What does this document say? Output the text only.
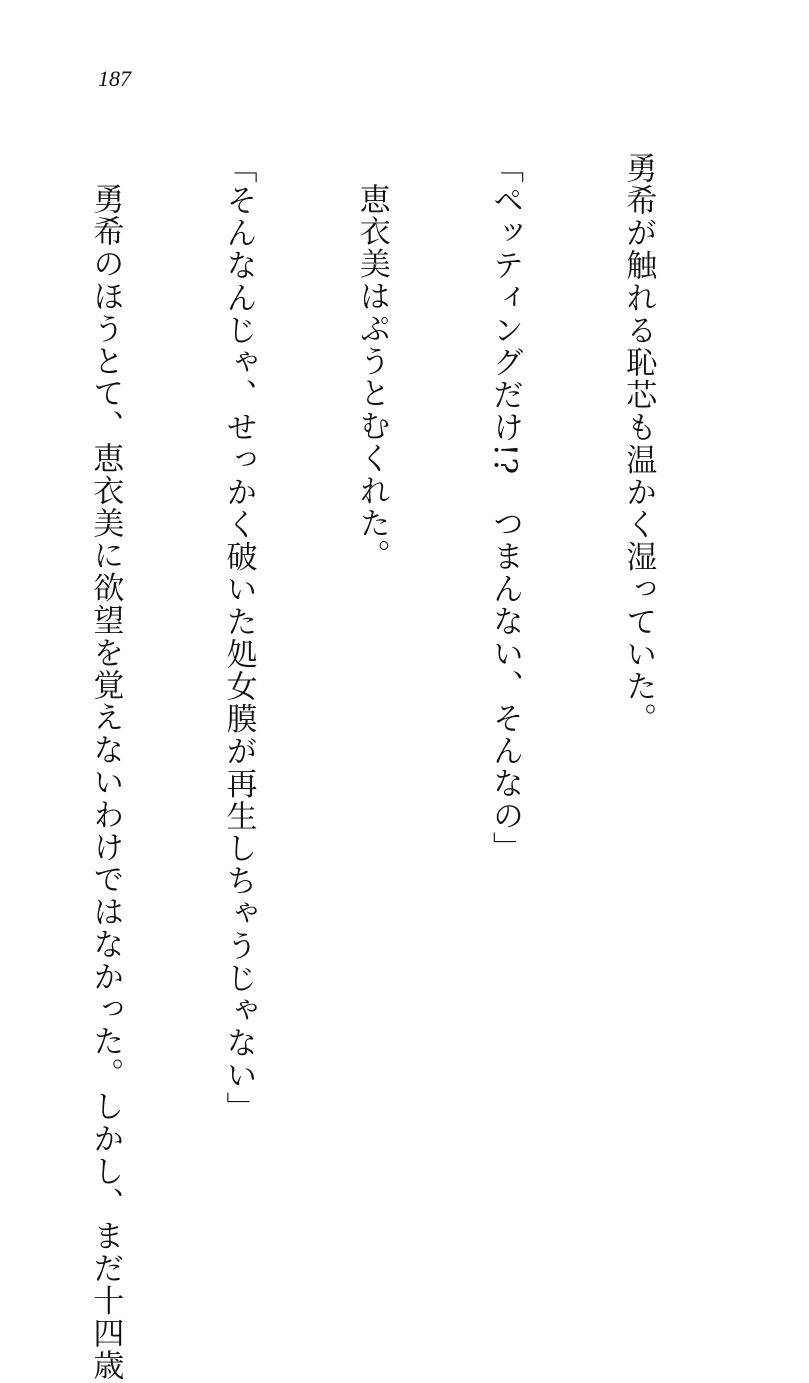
187

勇希が触れる恥芯も温かく湿っていた。

「ペッティングだけ!?　つまんない、そんなの」

恵衣美はぷうとむくれた。

「そんなんじゃ、せっかく破いた処女膜が再生しちゃうじゃない」

勇希のほうとて、恵衣美に欲望を覚えないわけではなかった。しかし、まだ十四歳
